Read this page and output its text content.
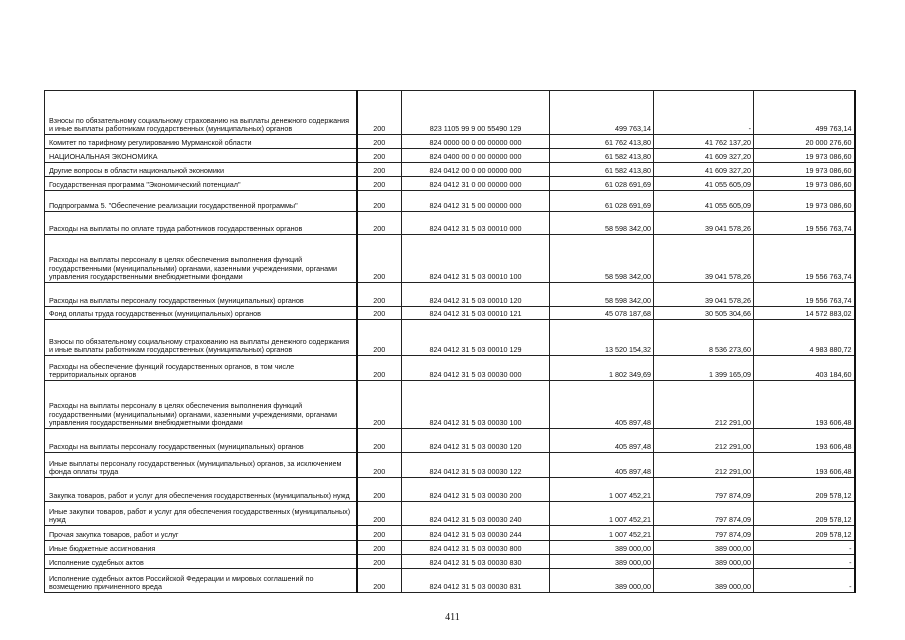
Взносы по обязательному социальному страхованию на выплаты денежного содержания и иные выплаты работникам государственных (муниципальных) органов	200	823 1105 99 9 00 55490 129	499 763,14	-	499 763,14
Комитет по тарифному регулированию Мурманской области	200	824 0000 00 0 00 00000 000	61 762 413,80	41 762 137,20	20 000 276,60
НАЦИОНАЛЬНАЯ ЭКОНОМИКА	200	824 0400 00 0 00 00000 000	61 582 413,80	41 609 327,20	19 973 086,60
Другие вопросы в области национальной экономики	200	824 0412 00 0 00 00000 000	61 582 413,80	41 609 327,20	19 973 086,60
Государственная программа "Экономический потенциал"	200	824 0412 31 0 00 00000 000	61 028 691,69	41 055 605,09	19 973 086,60
Подпрограмма 5. "Обеспечение реализации государственной программы"	200	824 0412 31 5 00 00000 000	61 028 691,69	41 055 605,09	19 973 086,60
Расходы на выплаты по оплате труда работников государственных органов	200	824 0412 31 5 03 00010 000	58 598 342,00	39 041 578,26	19 556 763,74
Расходы на выплаты персоналу в целях обеспечения выполнения функций государственными (муниципальными) органами, казенными учреждениями, органами управления государственными внебюджетными фондами	200	824 0412 31 5 03 00010 100	58 598 342,00	39 041 578,26	19 556 763,74
Расходы на выплаты персоналу государственных (муниципальных) органов	200	824 0412 31 5 03 00010 120	58 598 342,00	39 041 578,26	19 556 763,74
Фонд оплаты труда государственных (муниципальных) органов	200	824 0412 31 5 03 00010 121	45 078 187,68	30 505 304,66	14 572 883,02
Взносы по обязательному социальному страхованию на выплаты денежного содержания и иные выплаты работникам государственных (муниципальных) органов	200	824 0412 31 5 03 00010 129	13 520 154,32	8 536 273,60	4 983 880,72
Расходы на обеспечение функций государственных органов, в том числе территориальных органов	200	824 0412 31 5 03 00030 000	1 802 349,69	1 399 165,09	403 184,60
Расходы на выплаты персоналу в целях обеспечения выполнения функций государственными (муниципальными) органами, казенными учреждениями, органами управления государственными внебюджетными фондами	200	824 0412 31 5 03 00030 100	405 897,48	212 291,00	193 606,48
Расходы на выплаты персоналу государственных (муниципальных) органов	200	824 0412 31 5 03 00030 120	405 897,48	212 291,00	193 606,48
Иные выплаты персоналу государственных (муниципальных) органов, за исключением фонда оплаты труда	200	824 0412 31 5 03 00030 122	405 897,48	212 291,00	193 606,48
Закупка товаров, работ и услуг для обеспечения государственных (муниципальных) нужд	200	824 0412 31 5 03 00030 200	1 007 452,21	797 874,09	209 578,12
Иные закупки товаров, работ и услуг для обеспечения государственных (муниципальных) нужд	200	824 0412 31 5 03 00030 240	1 007 452,21	797 874,09	209 578,12
Прочая закупка товаров, работ и услуг	200	824 0412 31 5 03 00030 244	1 007 452,21	797 874,09	209 578,12
Иные бюджетные ассигнования	200	824 0412 31 5 03 00030 800	389 000,00	389 000,00	-
Исполнение судебных актов	200	824 0412 31 5 03 00030 830	389 000,00	389 000,00	-
Исполнение судебных актов Российской Федерации и мировых соглашений по возмещению причиненного вреда	200	824 0412 31 5 03 00030 831	389 000,00	389 000,00	-
411
